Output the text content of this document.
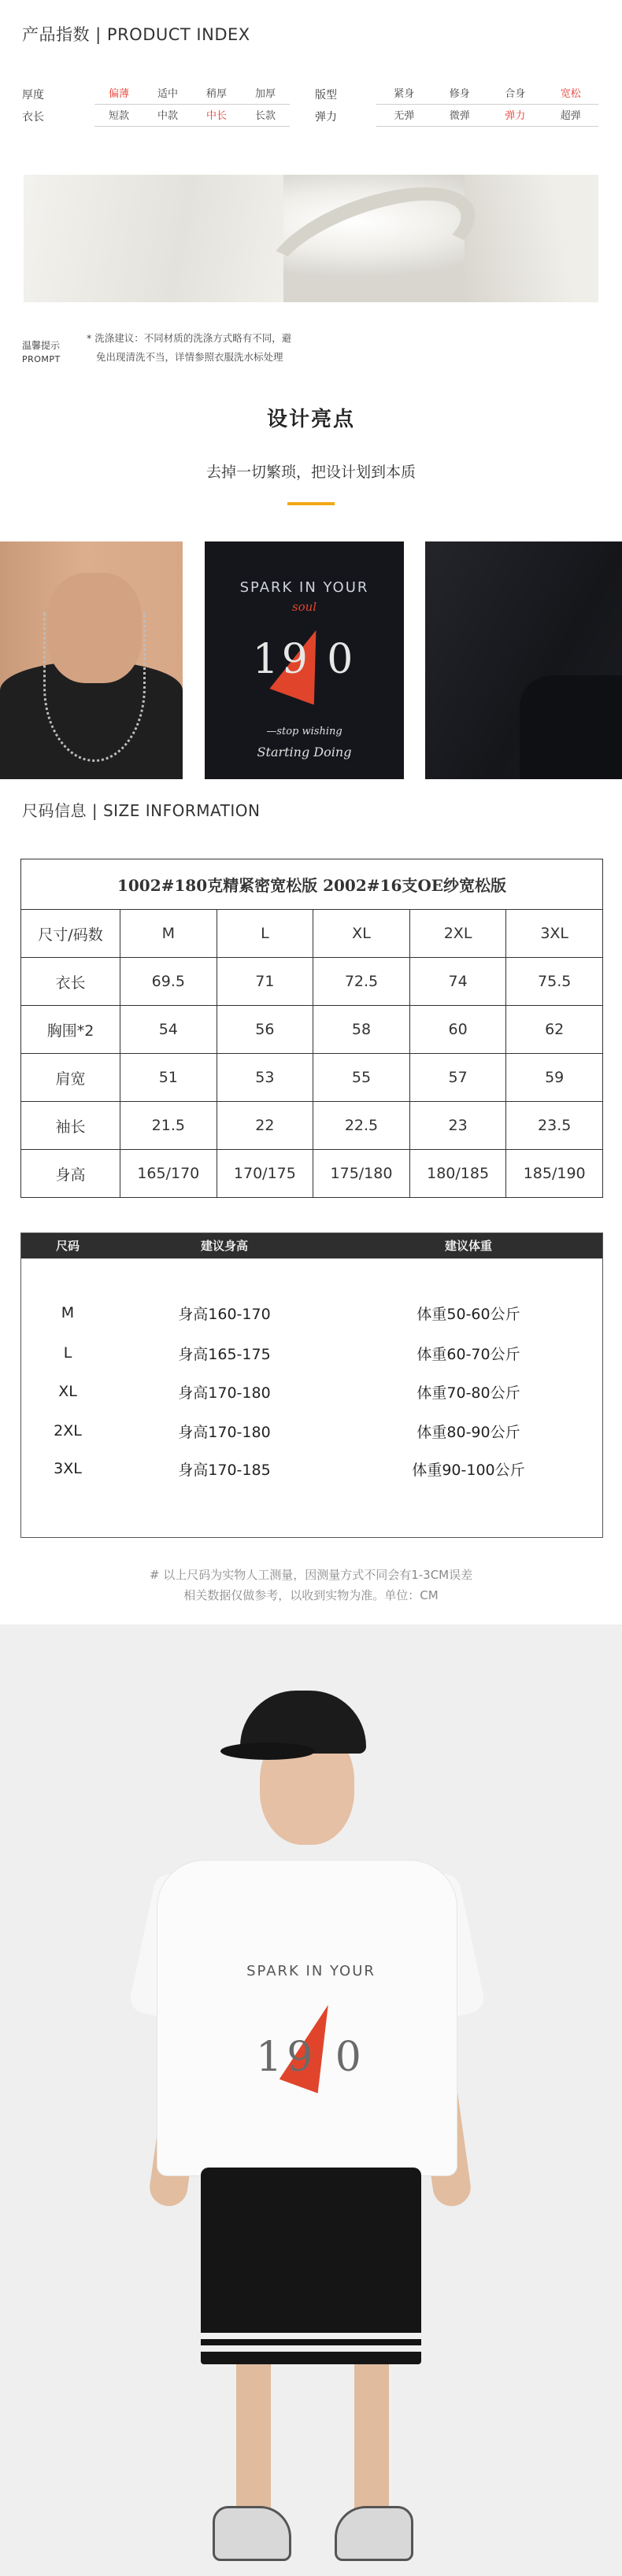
产品指数 | PRODUCT INDEX
厚度	偏薄	适中	稍厚	加厚	版型	紧身	修身	合身	宽松
衣长	短款	中款	中长	长款	弹力	无弹	微弹	弹力	超弹
温馨提示
PROMPT
* 洗涤建议：不同材质的洗涤方式略有不同，避
免出现清洗不当，详情参照衣服洗水标处理
设计亮点
去掉一切繁琐，把设计划到本质
SPARK IN YOUR
soul
19 0
—stop wishing
Starting Doing
尺码信息 | SIZE INFORMATION
1002#180克精紧密宽松版 2002#16支OE纱宽松版					
尺寸/码数	M	L	XL	2XL	3XL
衣长	69.5	71	72.5	74	75.5
胸围*2	54	56	58	60	62
肩宽	51	53	55	57	59
袖长	21.5	22	22.5	23	23.5
身高	165/170	170/175	175/180	180/185	185/190
尺码	建议身高	建议体重
M	身高160-170	体重50-60公斤
L	身高165-175	体重60-70公斤
XL	身高170-180	体重70-80公斤
2XL	身高170-180	体重80-90公斤
3XL	身高170-185	体重90-100公斤
# 以上尺码为实物人工测量，因测量方式不同会有1-3CM误差
相关数据仅做参考，以收到实物为准。单位：CM
SPARK IN YOUR
19 0
